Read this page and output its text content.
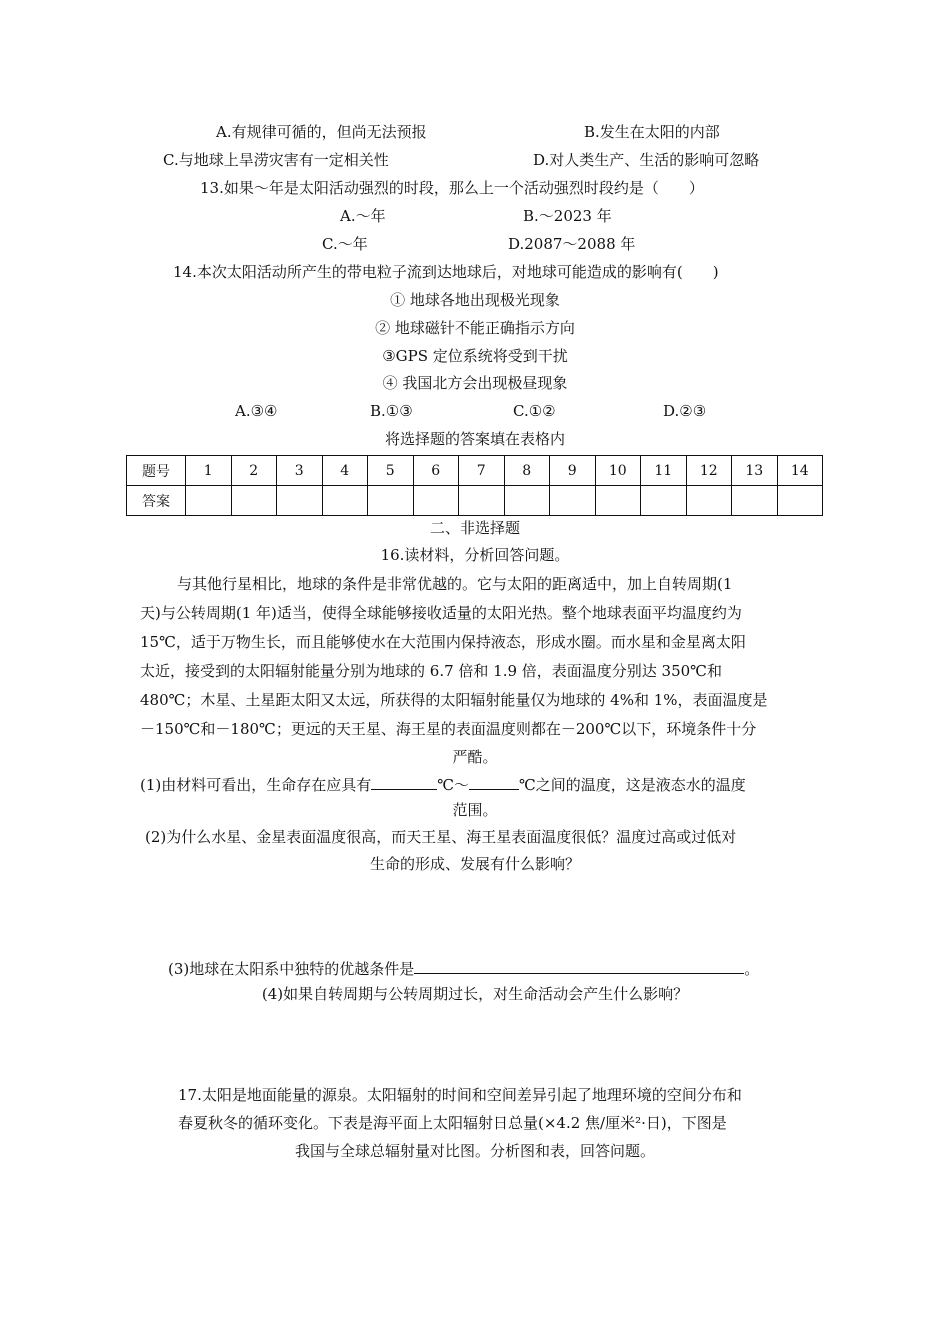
A.有规律可循的，但尚无法预报	B.发生在太阳的内部
C.与地球上旱涝灾害有一定相关性	D.对人类生产、生活的影响可忽略
13.如果～年是太阳活动强烈的时段，那么上一个活动强烈时段约是（　　）
A.～年	B.～2023 年
C.～年	D.2087～2088 年
14.本次太阳活动所产生的带电粒子流到达地球后，对地球可能造成的影响有(　　)
① 地球各地出现极光现象
② 地球磁针不能正确指示方向
③GPS 定位系统将受到干扰
④ 我国北方会出现极昼现象
A.③④	B.①③	C.①②	D.②③
将选择题的答案填在表格内
题号	1	2	3	4	5	6	7	8	9	10	11	12	13	14
答案														
二、非选择题
16.读材料，分析回答问题。
与其他行星相比，地球的条件是非常优越的。它与太阳的距离适中，加上自转周期(1
天)与公转周期(1 年)适当，使得全球能够接收适量的太阳光热。整个地球表面平均温度约为
15℃，适于万物生长，而且能够使水在大范围内保持液态，形成水圈。而水星和金星离太阳
太近，接受到的太阳辐射能量分别为地球的 6.7 倍和 1.9 倍，表面温度分别达 350℃和
480℃；木星、土星距太阳又太远，所获得的太阳辐射能量仅为地球的 4%和 1%，表面温度是
－150℃和－180℃；更远的天王星、海王星的表面温度则都在－200℃以下，环境条件十分
严酷。
(1)由材料可看出，生命存在应具有	℃～	℃之间的温度，这是液态水的温度
范围。
(2)为什么水星、金星表面温度很高，而天王星、海王星表面温度很低？温度过高或过低对
生命的形成、发展有什么影响？
(3)地球在太阳系中独特的优越条件是	。
(4)如果自转周期与公转周期过长，对生命活动会产生什么影响？
17.太阳是地面能量的源泉。太阳辐射的时间和空间差异引起了地理环境的空间分布和
春夏秋冬的循环变化。下表是海平面上太阳辐射日总量(×4.2 焦/厘米²·日)，下图是
我国与全球总辐射量对比图。分析图和表，回答问题。
